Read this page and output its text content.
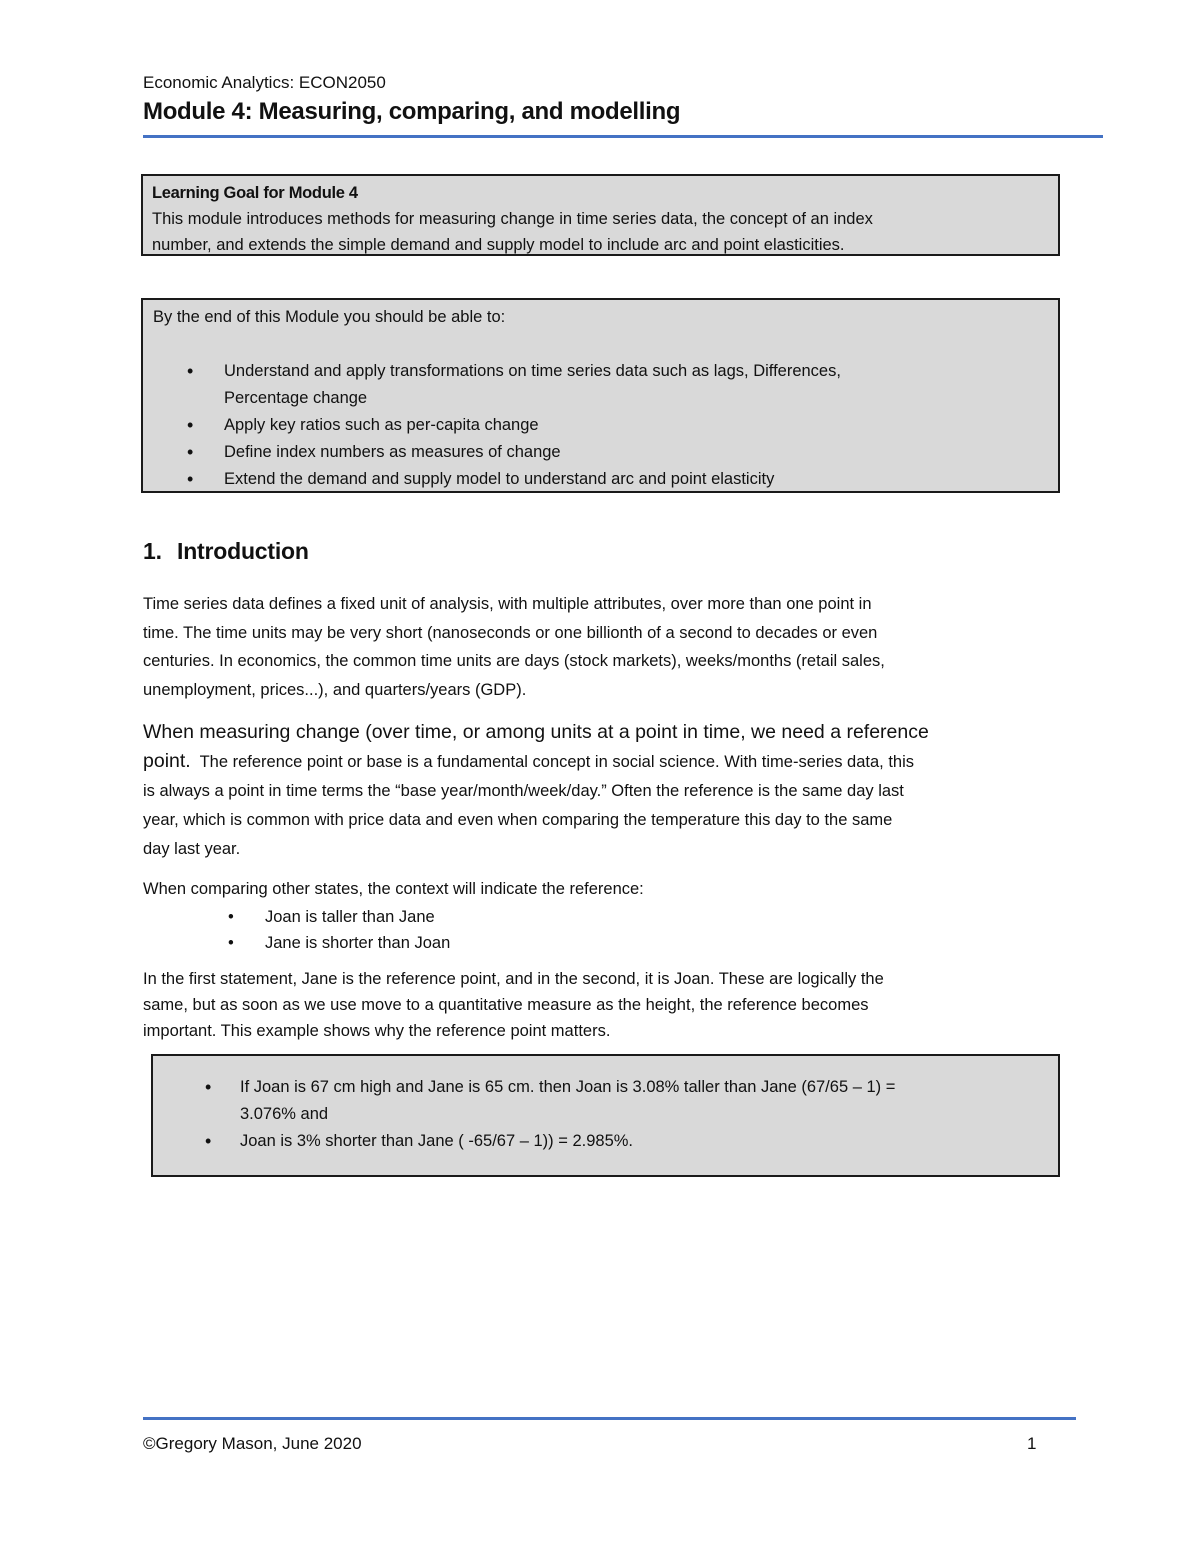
Economic Analytics: ECON2050
Module 4: Measuring, comparing, and modelling
Learning Goal for Module 4
This module introduces methods for measuring change in time series data, the concept of an index
number, and extends the simple demand and supply model to include arc and point elasticities.
By the end of this Module you should be able to:
• Understand and apply transformations on time series data such as lags, Differences,
Percentage change
• Apply key ratios such as per-capita change
• Define index numbers as measures of change
• Extend the demand and supply model to understand arc and point elasticity
1. Introduction
Time series data defines a fixed unit of analysis, with multiple attributes, over more than one point in
time. The time units may be very short (nanoseconds or one billionth of a second to decades or even
centuries. In economics, the common time units are days (stock markets), weeks/months (retail sales,
unemployment, prices...), and quarters/years (GDP).
When measuring change (over time, or among units at a point in time, we need a reference
point. The reference point or base is a fundamental concept in social science. With time-series data, this
is always a point in time terms the “base year/month/week/day.” Often the reference is the same day last
year, which is common with price data and even when comparing the temperature this day to the same
day last year.
When comparing other states, the context will indicate the reference:
• Joan is taller than Jane
• Jane is shorter than Joan
In the first statement, Jane is the reference point, and in the second, it is Joan. These are logically the
same, but as soon as we use move to a quantitative measure as the height, the reference becomes
important. This example shows why the reference point matters.
• If Joan is 67 cm high and Jane is 65 cm. then Joan is 3.08% taller than Jane (67/65 – 1) =
3.076% and
• Joan is 3% shorter than Jane ( -65/67 – 1)) = 2.985%.
©Gregory Mason, June 2020	1
